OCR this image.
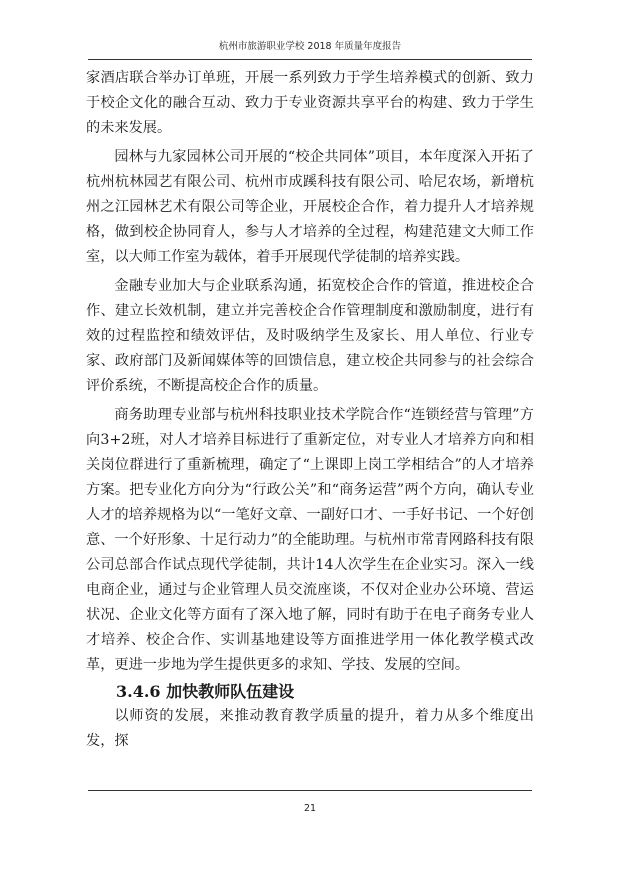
杭州市旅游职业学校 2018 年质量年度报告

家酒店联合举办订单班，开展一系列致力于学生培养模式的创新、致力于校企文化的融合互动、致力于专业资源共享平台的构建、致力于学生的未来发展。

园林与九家园林公司开展的“校企共同体”项目，本年度深入开拓了杭州杭林园艺有限公司、杭州市成蹊科技有限公司、哈尼农场，新增杭州之江园林艺术有限公司等企业，开展校企合作，着力提升人才培养规格，做到校企协同育人，参与人才培养的全过程，构建范建文大师工作室，以大师工作室为载体，着手开展现代学徒制的培养实践。

金融专业加大与企业联系沟通，拓宽校企合作的管道，推进校企合作、建立长效机制，建立并完善校企合作管理制度和激励制度，进行有效的过程监控和绩效评估，及时吸纳学生及家长、用人单位、行业专家、政府部门及新闻媒体等的回馈信息，建立校企共同参与的社会综合评价系统，不断提高校企合作的质量。

商务助理专业部与杭州科技职业技术学院合作“连锁经营与管理”方向3+2班，对人才培养目标进行了重新定位，对专业人才培养方向和相关岗位群进行了重新梳理，确定了“上课即上岗工学相结合”的人才培养方案。把专业化方向分为“行政公关”和“商务运营”两个方向，确认专业人才的培养规格为以“一笔好文章、一副好口才、一手好书记、一个好创意、一个好形象、十足行动力”的全能助理。与杭州市常青网路科技有限公司总部合作试点现代学徒制，共计14人次学生在企业实习。深入一线电商企业，通过与企业管理人员交流座谈，不仅对企业办公环境、营运状况、企业文化等方面有了深入地了解，同时有助于在电子商务专业人才培养、校企合作、实训基地建设等方面推进学用一体化教学模式改革，更进一步地为学生提供更多的求知、学技、发展的空间。

3.4.6 加快教师队伍建设

以师资的发展，来推动教育教学质量的提升，着力从多个维度出发，探

21
